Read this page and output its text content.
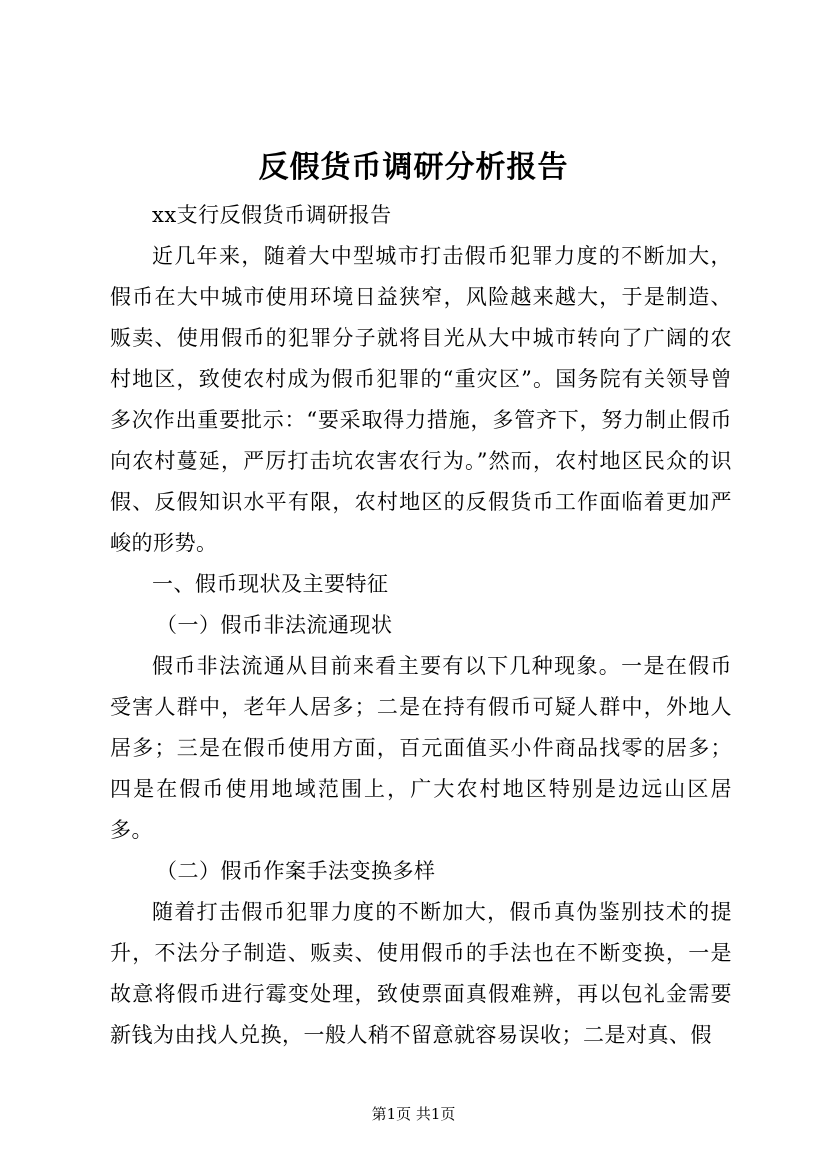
反假货币调研分析报告

xx支行反假货币调研报告

近几年来，随着大中型城市打击假币犯罪力度的不断加大，假币在大中城市使用环境日益狭窄，风险越来越大，于是制造、贩卖、使用假币的犯罪分子就将目光从大中城市转向了广阔的农村地区，致使农村成为假币犯罪的“重灾区”。国务院有关领导曾多次作出重要批示：“要采取得力措施，多管齐下，努力制止假币向农村蔓延，严厉打击坑农害农行为。”然而，农村地区民众的识假、反假知识水平有限，农村地区的反假货币工作面临着更加严峻的形势。

一、假币现状及主要特征

（一）假币非法流通现状

假币非法流通从目前来看主要有以下几种现象。一是在假币受害人群中，老年人居多；二是在持有假币可疑人群中，外地人居多；三是在假币使用方面，百元面值买小件商品找零的居多；四是在假币使用地域范围上，广大农村地区特别是边远山区居多。

（二）假币作案手法变换多样

随着打击假币犯罪力度的不断加大，假币真伪鉴别技术的提升，不法分子制造、贩卖、使用假币的手法也在不断变换，一是故意将假币进行霉变处理，致使票面真假难辨，再以包礼金需要新钱为由找人兑换，一般人稍不留意就容易误收；二是对真、假

第1页 共1页
